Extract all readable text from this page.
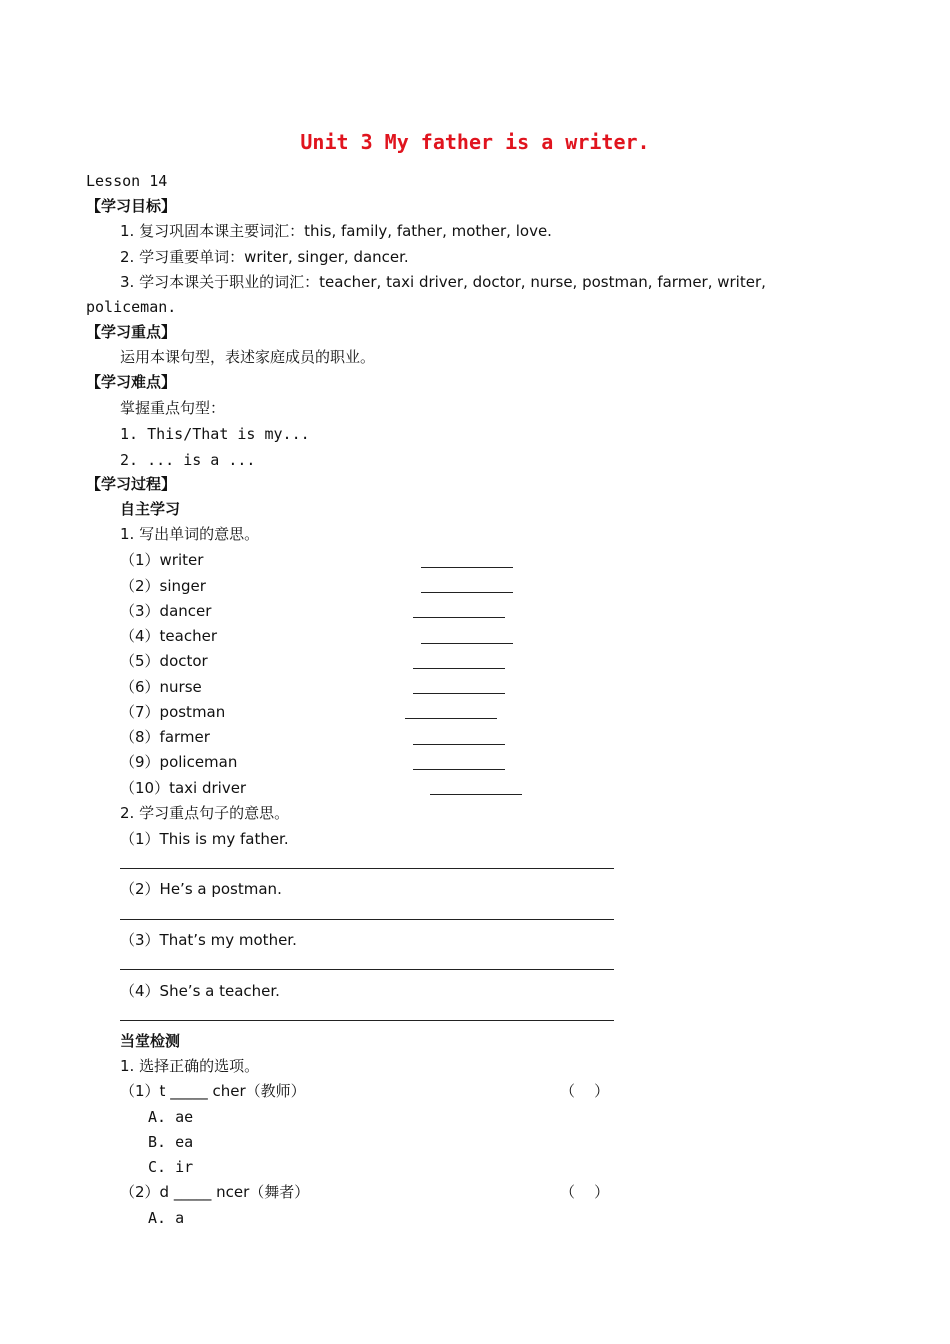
Unit 3 My father is a writer.
Lesson 14
【学习目标】
1. 复习巩固本课主要词汇：this, family, father, mother, love.
2. 学习重要单词：writer, singer, dancer.
3. 学习本课关于职业的词汇：teacher, taxi driver, doctor, nurse, postman, farmer, writer,
policeman.
【学习重点】
运用本课句型，表述家庭成员的职业。
【学习难点】
掌握重点句型：
1. This/That is my...
2. ... is a ...
【学习过程】
自主学习
1. 写出单词的意思。
（1）writer
（2）singer
（3）dancer
（4）teacher
（5）doctor
（6）nurse
（7）postman
（8）farmer
（9）policeman
（10）taxi driver
2. 学习重点句子的意思。
（1）This is my father.
（2）He’s a postman.
（3）That’s my mother.
（4）She’s a teacher.
当堂检测
1. 选择正确的选项。
（1）t _____ cher（教师）	（    ）
A. ae
B. ea
C. ir
（2）d _____ ncer（舞者）	（    ）
A. a
